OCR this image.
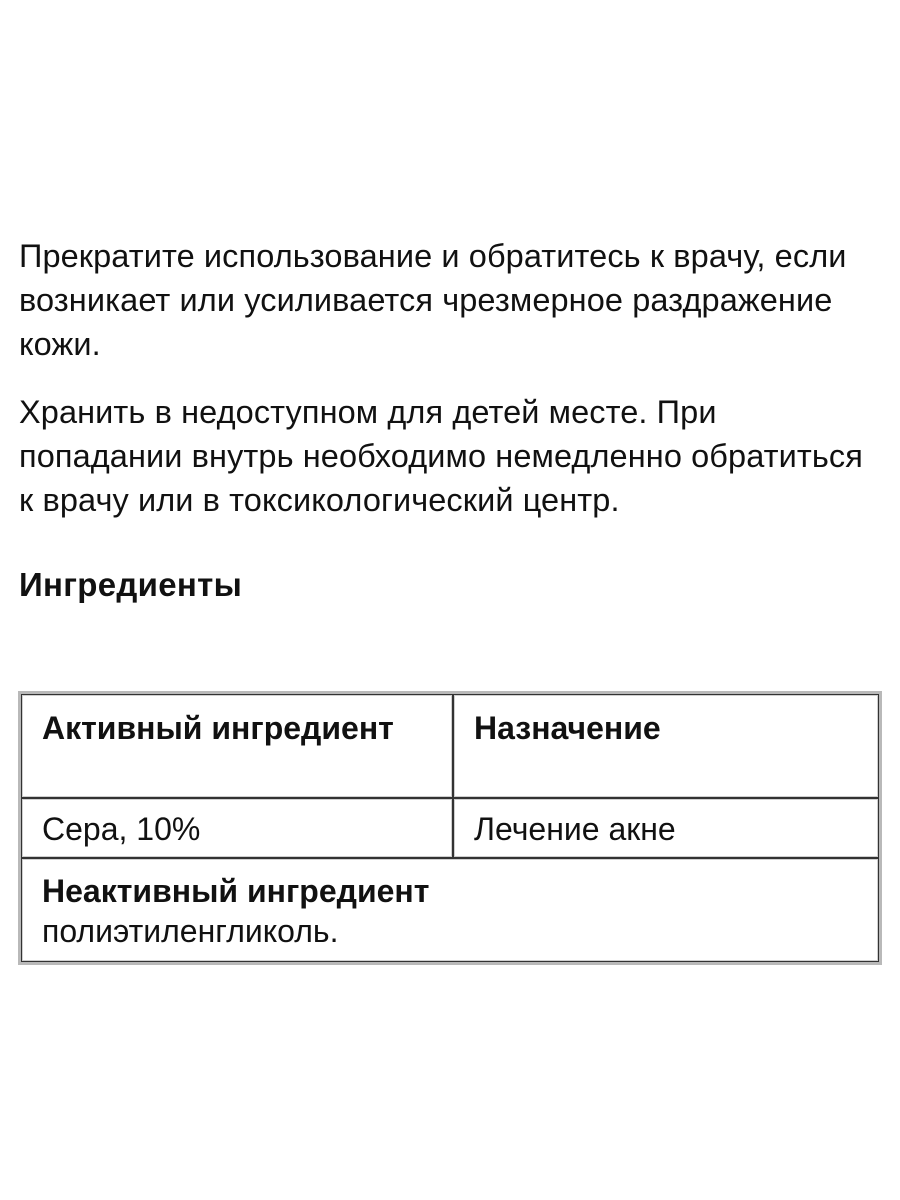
Прекратите использование и обратитесь к врачу, если возникает или усиливается чрезмерное раздражение кожи.

Хранить в недоступном для детей месте. При попадании внутрь необходимо немедленно обратиться к врачу или в токсикологический центр.

Ингредиенты
Активный ингредиент	Назначение
Сера, 10%	Лечение акне

Неактивный ингредиент
полиэтиленгликоль.	
